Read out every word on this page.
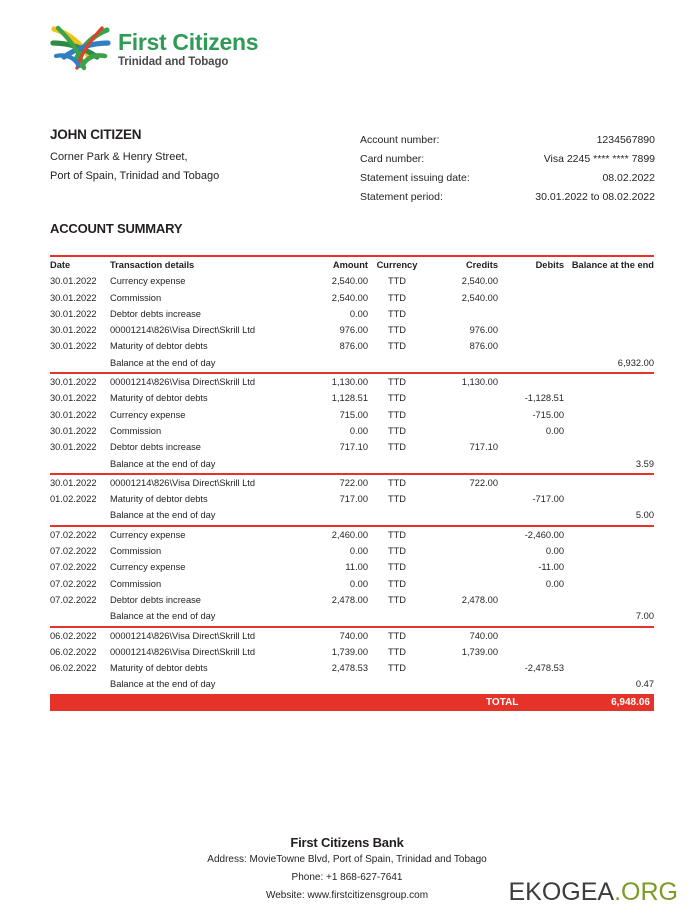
First Citizens
Trinidad and Tobago
JOHN CITIZEN
Corner Park & Henry Street,
Port of Spain, Trinidad and Tobago
Account number:	1234567890
Card number:	Visa 2245 **** **** 7899
Statement issuing date:	08.02.2022
Statement period:	30.01.2022 to 08.02.2022
ACCOUNT SUMMARY
Date	Transaction details	Amount	Currency	Credits	Debits	Balance at the end
30.01.2022	Currency expense	2,540.00	TTD	2,540.00		
30.01.2022	Commission	2,540.00	TTD	2,540.00		
30.01.2022	Debtor debts increase	0.00	TTD			
30.01.2022	00001214\826\Visa Direct\Skrill Ltd	976.00	TTD	976.00		
30.01.2022	Maturity of debtor debts	876.00	TTD	876.00		
	Balance at the end of day					6,932.00

30.01.2022	00001214\826\Visa Direct\Skrill Ltd	1,130.00	TTD	1,130.00		
30.01.2022	Maturity of debtor debts	1,128.51	TTD		-1,128.51	
30.01.2022	Currency expense	715.00	TTD		-715.00	
30.01.2022	Commission	0.00	TTD		0.00	
30.01.2022	Debtor debts increase	717.10	TTD	717.10		
	Balance at the end of day					3.59

30.01.2022	00001214\826\Visa Direct\Skrill Ltd	722.00	TTD	722.00		
01.02.2022	Maturity of debtor debts	717.00	TTD		-717.00	
	Balance at the end of day					5.00

07.02.2022	Currency expense	2,460.00	TTD		-2,460.00	
07.02.2022	Commission	0.00	TTD		0.00	
07.02.2022	Currency expense	11.00	TTD		-11.00	
07.02.2022	Commission	0.00	TTD		0.00	
07.02.2022	Debtor debts increase	2,478.00	TTD	2,478.00		
	Balance at the end of day					7.00

06.02.2022	00001214\826\Visa Direct\Skrill Ltd	740.00	TTD	740.00		
06.02.2022	00001214\826\Visa Direct\Skrill Ltd	1,739.00	TTD	1,739.00		
06.02.2022	Maturity of debtor debts	2,478.53	TTD		-2,478.53	
	Balance at the end of day					0.47

TOTAL	6,948.06
First Citizens Bank
Address: MovieTowne Blvd, Port of Spain, Trinidad and Tobago
Phone: +1 868-627-7641
Website: www.firstcitizensgroup.com	EKOGEA.ORG
